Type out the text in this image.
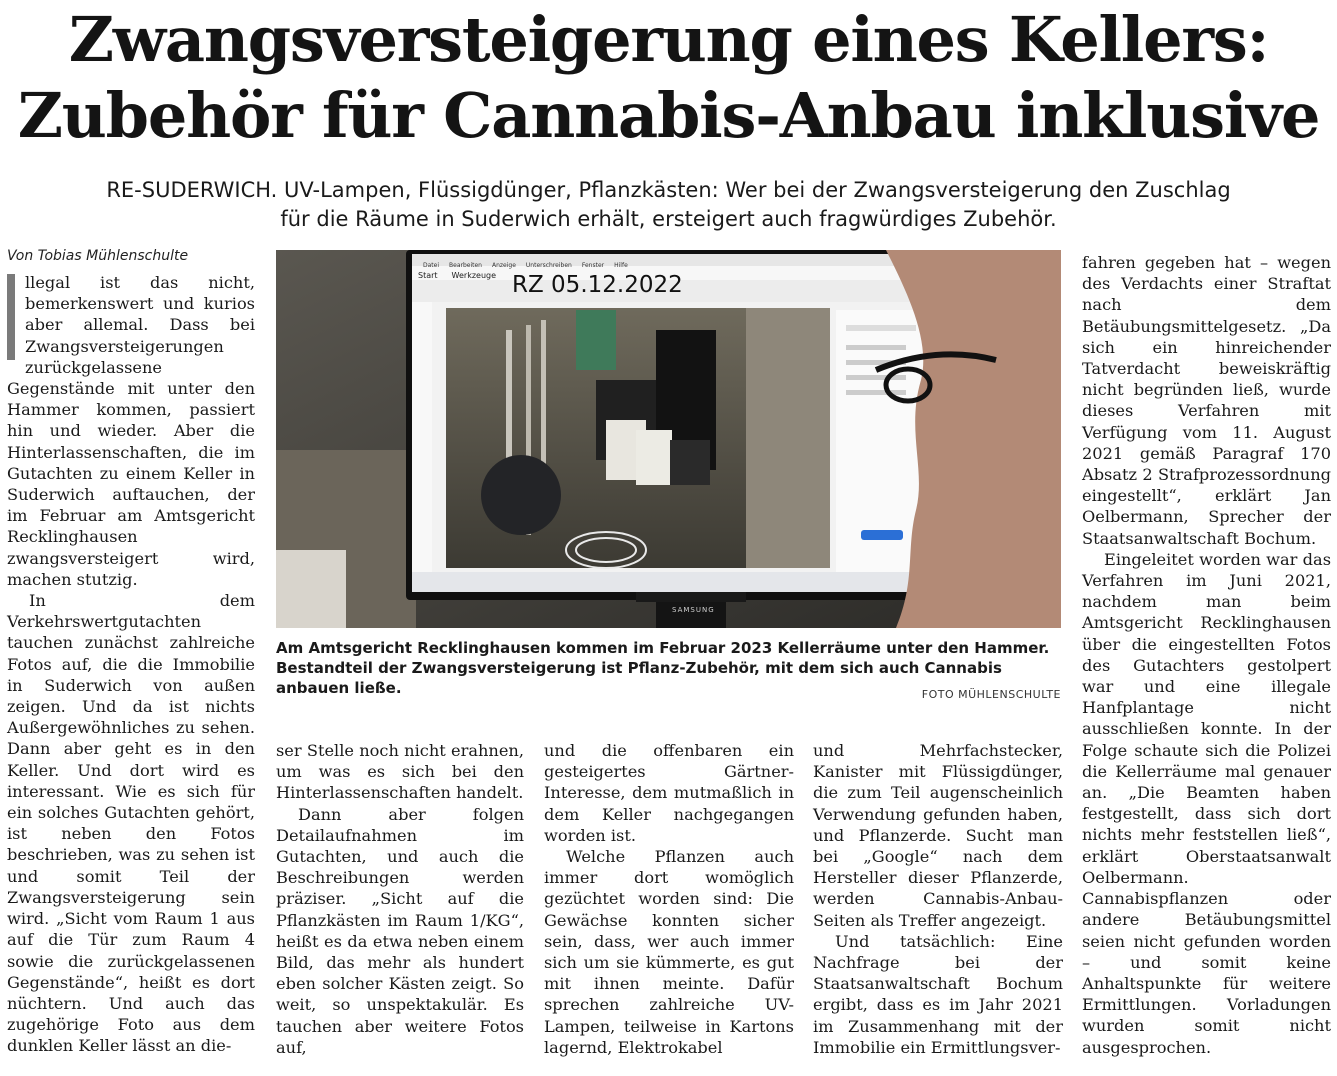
Zwangsversteigerung eines Kellers:
Zubehör für Cannabis-Anbau inklusive
RE-SUDERWICH. UV-Lampen, Flüssigdünger, Pflanzkästen: Wer bei der Zwangsversteigerung den Zuschlag
für die Räume in Suderwich erhält, ersteigert auch fragwürdiges Zubehör.
Von Tobias Mühlenschulte

llegal ist das nicht, bemerkenswert und kurios aber allemal. Dass bei Zwangsversteigerungen zurückgelassene Gegenstände mit unter den Hammer kommen, passiert hin und wieder. Aber die Hinterlassenschaften, die im Gutachten zu einem Keller in Suderwich auftauchen, der im Februar am Amtsgericht Recklinghausen zwangsversteigert wird, machen stutzig.

In dem Verkehrswertgutachten tauchen zunächst zahlreiche Fotos auf, die die Immobilie in Suderwich von außen zeigen. Und da ist nichts Außergewöhnliches zu sehen. Dann aber geht es in den Keller. Und dort wird es interessant. Wie es sich für ein solches Gutachten gehört, ist neben den Fotos beschrieben, was zu sehen ist und somit Teil der Zwangsversteigerung sein wird. „Sicht vom Raum 1 aus auf die Tür zum Raum 4 sowie die zurückgelassenen Gegenstände“, heißt es dort nüchtern. Und auch das zugehörige Foto aus dem dunklen Keller lässt an die-

Datei Bearbeiten Anzeige Unterschreiben Fenster Hilfe
Start Werkzeuge
SAMSUNG
RZ 05.12.2022
Am Amtsgericht Recklinghausen kommen im Februar 2023 Kellerräume unter den Hammer. Bestandteil der Zwangsversteigerung ist Pflanz-Zubehör, mit dem sich auch Cannabis anbauen ließe.	FOTO MÜHLENSCHULTE

ser Stelle noch nicht erahnen, um was es sich bei den Hinterlassenschaften handelt.

Dann aber folgen Detailaufnahmen im Gutachten, und auch die Beschreibungen werden präziser. „Sicht auf die Pflanzkästen im Raum 1/KG“, heißt es da etwa neben einem Bild, das mehr als hundert eben solcher Kästen zeigt. So weit, so unspektakulär. Es tauchen aber weitere Fotos auf,

und die offenbaren ein gesteigertes Gärtner-Interesse, dem mutmaßlich in dem Keller nachgegangen worden ist.

Welche Pflanzen auch immer dort womöglich gezüchtet worden sind: Die Gewächse konnten sicher sein, dass, wer auch immer sich um sie kümmerte, es gut mit ihnen meinte. Dafür sprechen zahlreiche UV-Lampen, teilweise in Kartons lagernd, Elektrokabel

und Mehrfachstecker, Kanister mit Flüssigdünger, die zum Teil augenscheinlich Verwendung gefunden haben, und Pflanzerde. Sucht man bei „Google“ nach dem Hersteller dieser Pflanzerde, werden Cannabis-Anbau-Seiten als Treffer angezeigt.

Und tatsächlich: Eine Nachfrage bei der Staatsanwaltschaft Bochum ergibt, dass es im Jahr 2021 im Zusammenhang mit der Immobilie ein Ermittlungsver-

fahren gegeben hat – wegen des Verdachts einer Straftat nach dem Betäubungsmittelgesetz. „Da sich ein hinreichender Tatverdacht beweiskräftig nicht begründen ließ, wurde dieses Verfahren mit Verfügung vom 11. August 2021 gemäß Paragraf 170 Absatz 2 Strafprozessordnung eingestellt“, erklärt Jan Oelbermann, Sprecher der Staatsanwaltschaft Bochum.

Eingeleitet worden war das Verfahren im Juni 2021, nachdem man beim Amtsgericht Recklinghausen über die eingestellten Fotos des Gutachters gestolpert war und eine illegale Hanfplantage nicht ausschließen konnte. In der Folge schaute sich die Polizei die Kellerräume mal genauer an. „Die Beamten haben festgestellt, dass sich dort nichts mehr feststellen ließ“, erklärt Oberstaatsanwalt Oelbermann. Cannabispflanzen oder andere Betäubungsmittel seien nicht gefunden worden – und somit keine Anhaltspunkte für weitere Ermittlungen. Vorladungen wurden somit nicht ausgesprochen.
